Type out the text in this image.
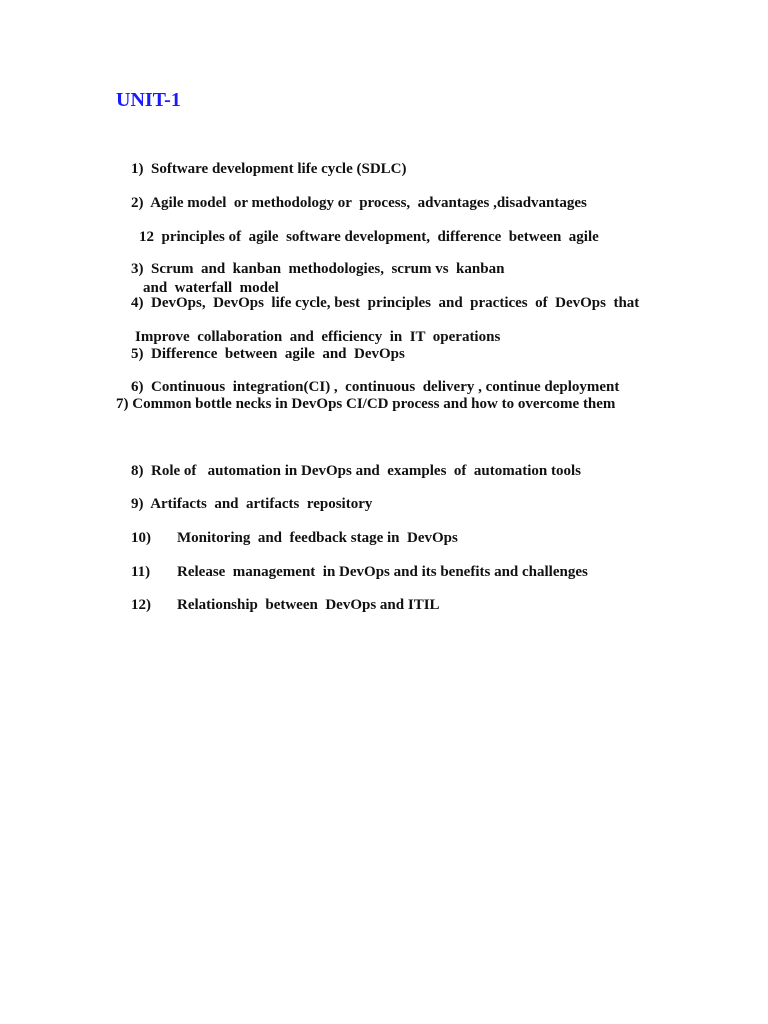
UNIT-1

1) Software development life cycle (SDLC)

2) Agile model  or methodology or  process,  advantages ,disadvantages

12  principles of  agile  software development,  difference  between  agile

and  waterfall  model

3) Scrum  and  kanban  methodologies,  scrum vs  kanban

4) DevOps,  DevOps  life cycle, best  principles  and  practices  of  DevOps  that

Improve  collaboration  and  efficiency  in  IT  operations

5) Difference  between  agile  and  DevOps

6) Continuous  integration(CI) ,  continuous  delivery , continue deployment

7) Common bottle necks in DevOps CI/CD process and how to overcome them

8) Role of   automation in DevOps and  examples  of  automation tools

9) Artifacts  and  artifacts  repository

10) Monitoring  and  feedback stage in  DevOps

11) Release  management  in DevOps and its benefits and challenges

12) Relationship  between  DevOps and ITIL
